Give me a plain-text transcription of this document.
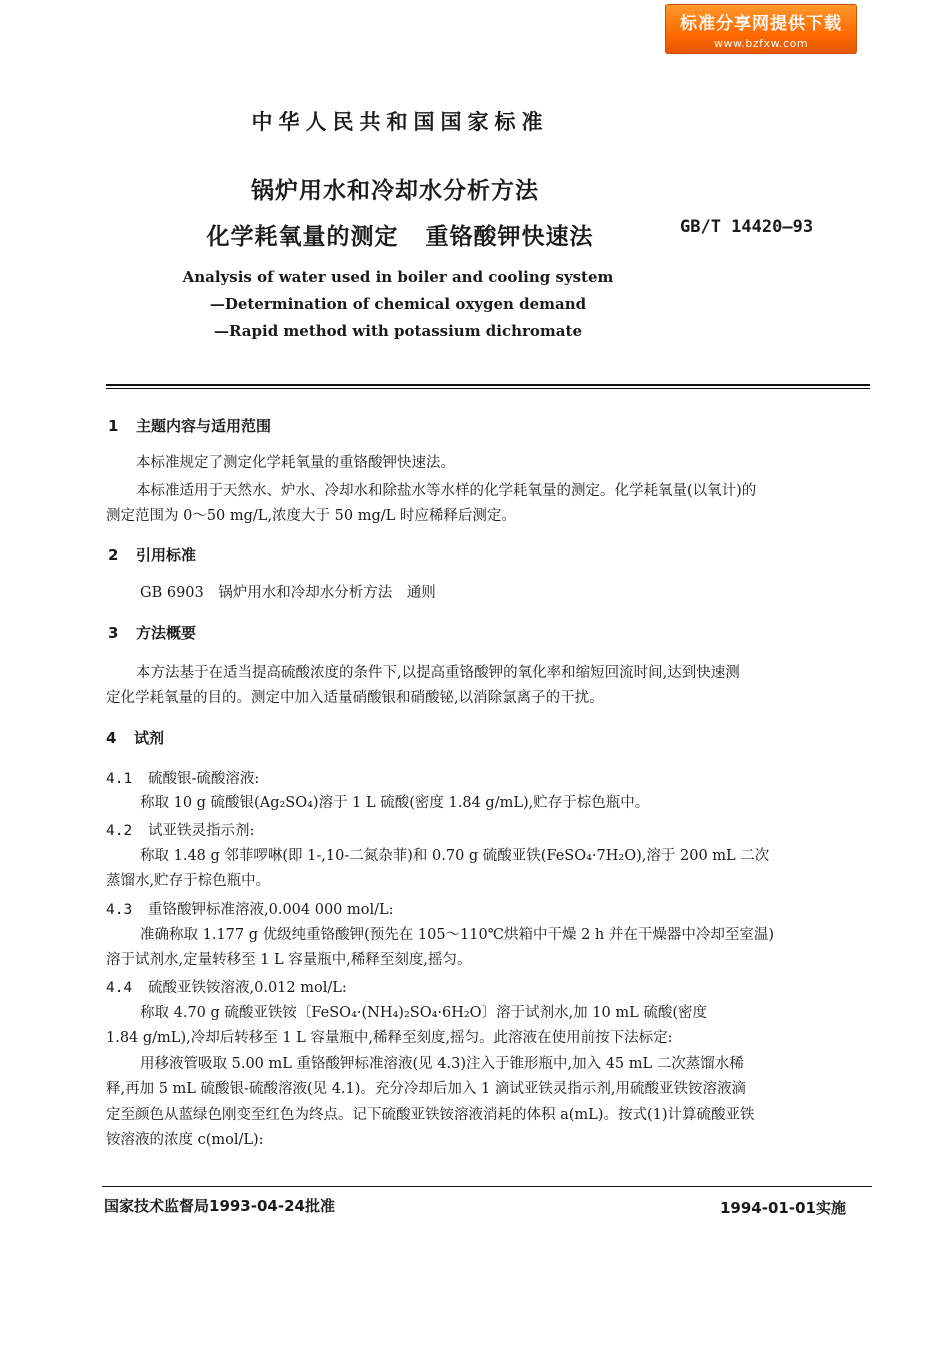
标准分享网提供下载
www.bzfxw.com
中华人民共和国国家标准
锅炉用水和冷却水分析方法
化学耗氧量的测定 重铬酸钾快速法	GB/T 14420—93
Analysis of water used in boiler and cooling system
—Determination of chemical oxygen demand
—Rapid method with potassium dichromate
1 主题内容与适用范围
本标准规定了测定化学耗氧量的重铬酸钾快速法。
本标准适用于天然水、炉水、冷却水和除盐水等水样的化学耗氧量的测定。化学耗氧量(以氧计)的
测定范围为 0～50 mg/L,浓度大于 50 mg/L 时应稀释后测定。
2 引用标准
GB 6903　锅炉用水和冷却水分析方法　通则
3 方法概要
本方法基于在适当提高硫酸浓度的条件下,以提高重铬酸钾的氧化率和缩短回流时间,达到快速测
定化学耗氧量的目的。测定中加入适量硝酸银和硝酸铋,以消除氯离子的干扰。
4 试剂
4.1 硫酸银-硫酸溶液:
称取 10 g 硫酸银(Ag₂SO₄)溶于 1 L 硫酸(密度 1.84 g/mL),贮存于棕色瓶中。
4.2 试亚铁灵指示剂:
称取 1.48 g 邻菲啰啉(即 1-,10-二氮杂菲)和 0.70 g 硫酸亚铁(FeSO₄·7H₂O),溶于 200 mL 二次
蒸馏水,贮存于棕色瓶中。
4.3 重铬酸钾标准溶液,0.004 000 mol/L:
准确称取 1.177 g 优级纯重铬酸钾(预先在 105～110℃烘箱中干燥 2 h 并在干燥器中冷却至室温)
溶于试剂水,定量转移至 1 L 容量瓶中,稀释至刻度,摇匀。
4.4 硫酸亚铁铵溶液,0.012 mol/L:
称取 4.70 g 硫酸亚铁铵〔FeSO₄·(NH₄)₂SO₄·6H₂O〕溶于试剂水,加 10 mL 硫酸(密度
1.84 g/mL),冷却后转移至 1 L 容量瓶中,稀释至刻度,摇匀。此溶液在使用前按下法标定:
用移液管吸取 5.00 mL 重铬酸钾标准溶液(见 4.3)注入于锥形瓶中,加入 45 mL 二次蒸馏水稀
释,再加 5 mL 硫酸银-硫酸溶液(见 4.1)。充分冷却后加入 1 滴试亚铁灵指示剂,用硫酸亚铁铵溶液滴
定至颜色从蓝绿色刚变至红色为终点。记下硫酸亚铁铵溶液消耗的体积 a(mL)。按式(1)计算硫酸亚铁
铵溶液的浓度 c(mol/L):
国家技术监督局1993-04-24批准	1994-01-01实施
